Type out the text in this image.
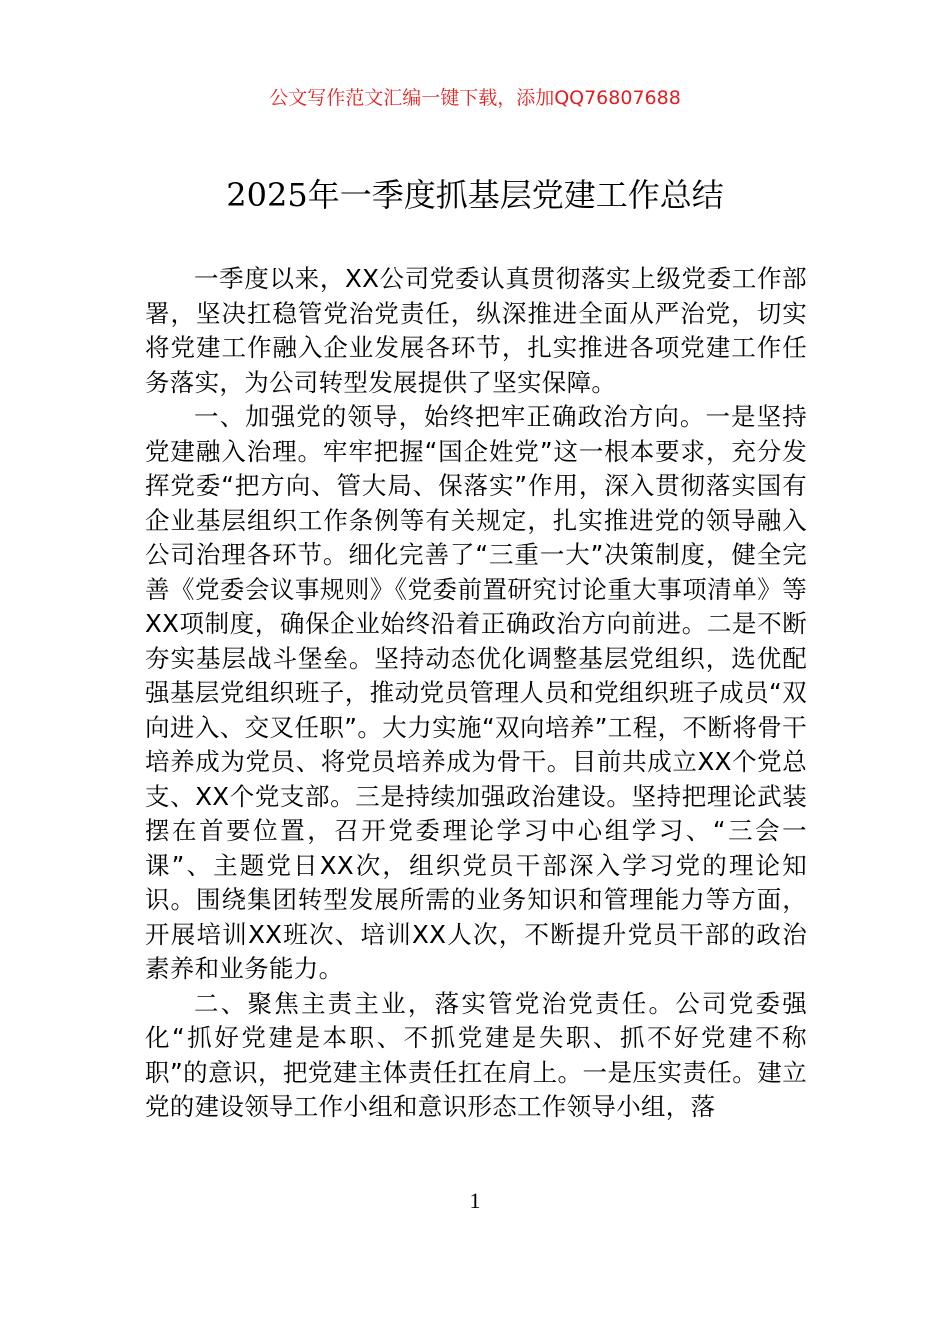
公文写作范文汇编一键下载，添加QQ76807688
2025年一季度抓基层党建工作总结

一季度以来，XX公司党委认真贯彻落实上级党委工作部署，坚决扛稳管党治党责任，纵深推进全面从严治党，切实将党建工作融入企业发展各环节，扎实推进各项党建工作任务落实，为公司转型发展提供了坚实保障。

一、加强党的领导，始终把牢正确政治方向。一是坚持党建融入治理。牢牢把握“国企姓党”这一根本要求，充分发挥党委“把方向、管大局、保落实”作用，深入贯彻落实国有企业基层组织工作条例等有关规定，扎实推进党的领导融入公司治理各环节。细化完善了“三重一大”决策制度，健全完善《党委会议事规则》《党委前置研究讨论重大事项清单》等XX项制度，确保企业始终沿着正确政治方向前进。二是不断夯实基层战斗堡垒。坚持动态优化调整基层党组织，选优配强基层党组织班子，推动党员管理人员和党组织班子成员“双向进入、交叉任职”。大力实施“双向培养”工程，不断将骨干培养成为党员、将党员培养成为骨干。目前共成立XX个党总支、XX个党支部。三是持续加强政治建设。坚持把理论武装摆在首要位置，召开党委理论学习中心组学习、“三会一课”、主题党日XX次，组织党员干部深入学习党的理论知识。围绕集团转型发展所需的业务知识和管理能力等方面，开展培训XX班次、培训XX人次，不断提升党员干部的政治素养和业务能力。

二、聚焦主责主业，落实管党治党责任。公司党委强化“抓好党建是本职、不抓党建是失职、抓不好党建不称职”的意识，把党建主体责任扛在肩上。一是压实责任。建立党的建设领导工作小组和意识形态工作领导小组，落

1
